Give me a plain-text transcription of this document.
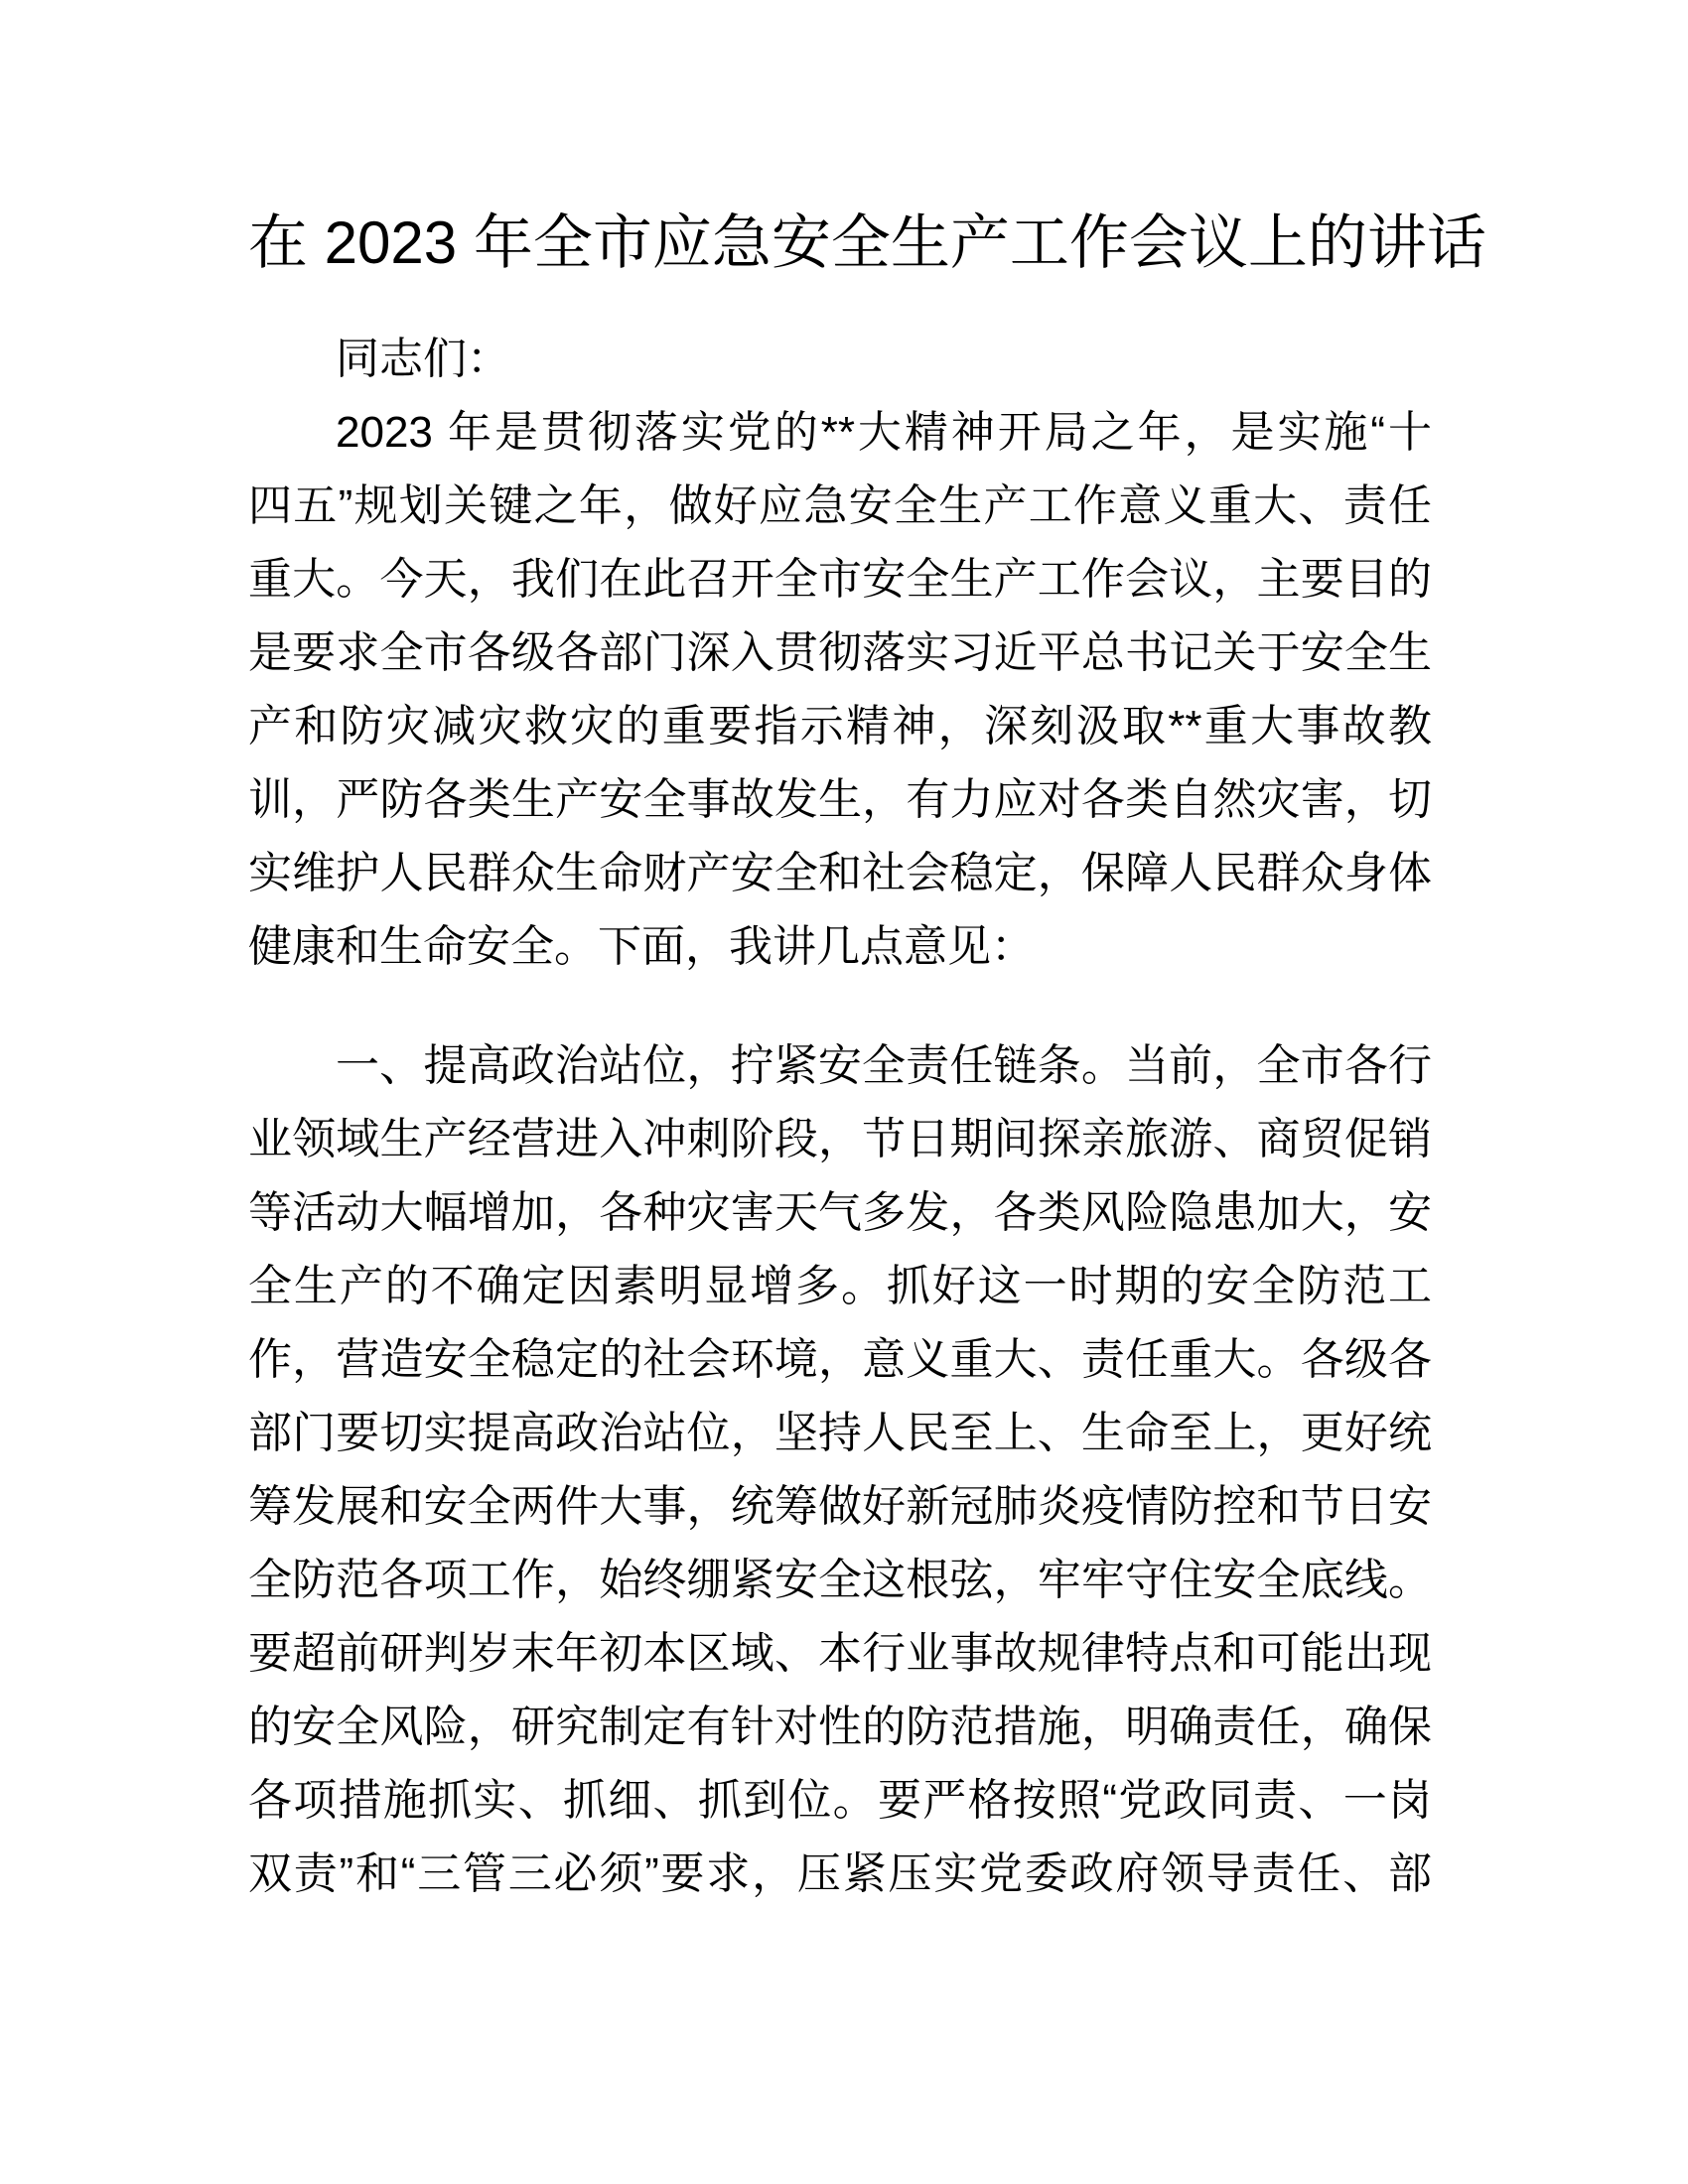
在 2023 年全市应急安全生产工作会议上的讲话
同志们：
2023 年是贯彻落实党的**大精神开局之年，是实施“十
四五”规划关键之年，做好应急安全生产工作意义重大、责任
重大。今天，我们在此召开全市安全生产工作会议，主要目的
是要求全市各级各部门深入贯彻落实习近平总书记关于安全生
产和防灾减灾救灾的重要指示精神，深刻汲取**重大事故教
训，严防各类生产安全事故发生，有力应对各类自然灾害，切
实维护人民群众生命财产安全和社会稳定，保障人民群众身体
健康和生命安全。下面，我讲几点意见：
一、提高政治站位，拧紧安全责任链条。当前，全市各行
业领域生产经营进入冲刺阶段，节日期间探亲旅游、商贸促销
等活动大幅增加，各种灾害天气多发，各类风险隐患加大，安
全生产的不确定因素明显增多。抓好这一时期的安全防范工
作，营造安全稳定的社会环境，意义重大、责任重大。各级各
部门要切实提高政治站位，坚持人民至上、生命至上，更好统
筹发展和安全两件大事，统筹做好新冠肺炎疫情防控和节日安
全防范各项工作，始终绷紧安全这根弦，牢牢守住安全底线。
要超前研判岁末年初本区域、本行业事故规律特点和可能出现
的安全风险，研究制定有针对性的防范措施，明确责任，确保
各项措施抓实、抓细、抓到位。要严格按照“党政同责、一岗
双责”和“三管三必须”要求，压紧压实党委政府领导责任、部
